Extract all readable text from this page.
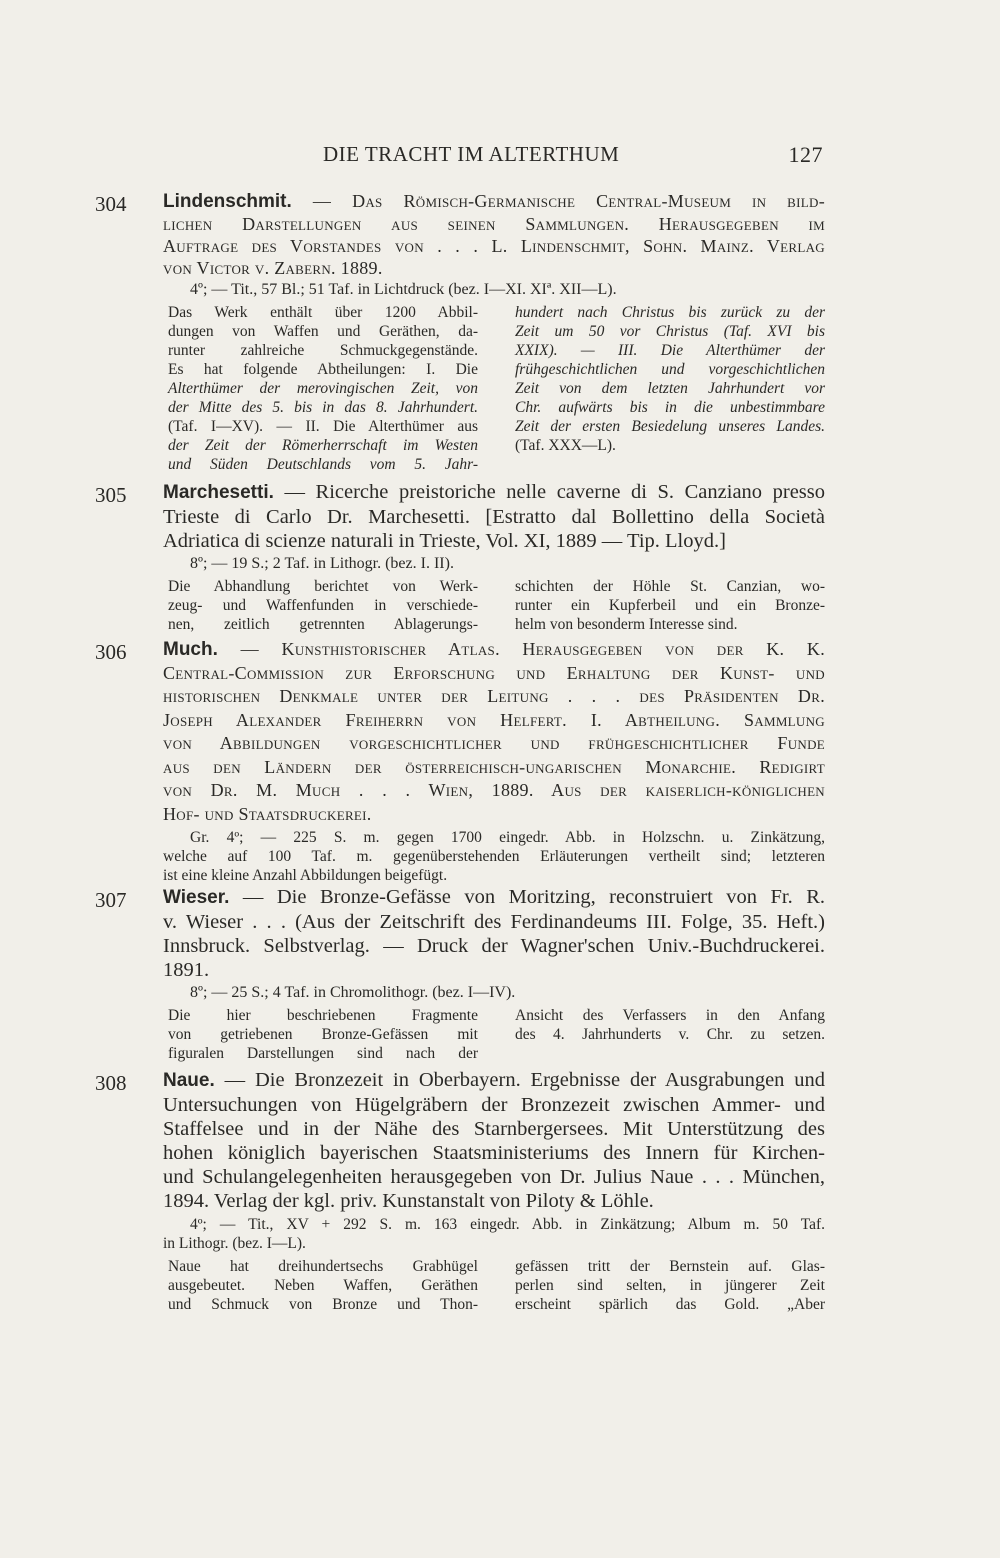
DIE TRACHT IM ALTERTHUM	127
304 Lindenschmit. — Das Römisch-Germanische Central-Museum in bild-
lichen Darstellungen aus seinen Sammlungen. Herausgegeben im
Auftrage des Vorstandes von . . . L. Lindenschmit, Sohn. Mainz. Verlag
von Victor v. Zabern. 1889.
4º; — Tit., 57 Bl.; 51 Taf. in Lichtdruck (bez. I—XI. XIª. XII—L).
Das Werk enthält über 1200 Abbil-
dungen von Waffen und Geräthen, da-
runter zahlreiche Schmuckgegenstände.
Es hat folgende Abtheilungen: I. Die
Alterthümer der merovingischen Zeit, von
der Mitte des 5. bis in das 8. Jahrhundert.
(Taf. I—XV). — II. Die Alterthümer aus
der Zeit der Römerherrschaft im Westen
und Süden Deutschlands vom 5. Jahr-
hundert nach Christus bis zurück zu der
Zeit um 50 vor Christus (Taf. XVI bis
XXIX). — III. Die Alterthümer der
frühgeschichtlichen und vorgeschichtlichen
Zeit von dem letzten Jahrhundert vor
Chr. aufwärts bis in die unbestimmbare
Zeit der ersten Besiedelung unseres Landes.
(Taf. XXX—L).
305 Marchesetti. — Ricerche preistoriche nelle caverne di S. Canziano presso
Trieste di Carlo Dr. Marchesetti. [Estratto dal Bollettino della Società
Adriatica di scienze naturali in Trieste, Vol. XI, 1889 — Tip. Lloyd.]
8º; — 19 S.; 2 Taf. in Lithogr. (bez. I. II).
Die Abhandlung berichtet von Werk-
zeug- und Waffenfunden in verschiede-
nen, zeitlich getrennten Ablagerungs-
schichten der Höhle St. Canzian, wo-
runter ein Kupferbeil und ein Bronze-
helm von besonderm Interesse sind.
306 Much. — Kunsthistorischer Atlas. Herausgegeben von der K. K.
Central-Commission zur Erforschung und Erhaltung der Kunst- und
historischen Denkmale unter der Leitung . . . des Präsidenten Dr.
Joseph Alexander Freiherrn von Helfert. I. Abtheilung. Sammlung
von Abbildungen vorgeschichtlicher und frühgeschichtlicher Funde
aus den Ländern der österreichisch-ungarischen Monarchie. Redigirt
von Dr. M. Much . . . Wien, 1889. Aus der kaiserlich-königlichen
Hof- und Staatsdruckerei.
Gr. 4º; — 225 S. m. gegen 1700 eingedr. Abb. in Holzschn. u. Zinkätzung,
welche auf 100 Taf. m. gegenüberstehenden Erläuterungen vertheilt sind; letzteren
ist eine kleine Anzahl Abbildungen beigefügt.
307 Wieser. — Die Bronze-Gefässe von Moritzing, reconstruiert von Fr. R.
v. Wieser . . . (Aus der Zeitschrift des Ferdinandeums III. Folge, 35. Heft.)
Innsbruck. Selbstverlag. — Druck der Wagner'schen Univ.-Buchdruckerei.
1891.
8º; — 25 S.; 4 Taf. in Chromolithogr. (bez. I—IV).
Die hier beschriebenen Fragmente
von getriebenen Bronze-Gefässen mit
figuralen Darstellungen sind nach der
Ansicht des Verfassers in den Anfang
des 4. Jahrhunderts v. Chr. zu setzen.
308 Naue. — Die Bronzezeit in Oberbayern. Ergebnisse der Ausgrabungen und
Untersuchungen von Hügelgräbern der Bronzezeit zwischen Ammer- und
Staffelsee und in der Nähe des Starnbergersees. Mit Unterstützung des
hohen königlich bayerischen Staatsministeriums des Innern für Kirchen-
und Schulangelegenheiten herausgegeben von Dr. Julius Naue . . . München,
1894. Verlag der kgl. priv. Kunstanstalt von Piloty & Löhle.
4º; — Tit., XV + 292 S. m. 163 eingedr. Abb. in Zinkätzung; Album m. 50 Taf.
in Lithogr. (bez. I—L).
Naue hat dreihundertsechs Grabhügel
ausgebeutet. Neben Waffen, Geräthen
und Schmuck von Bronze und Thon-
gefässen tritt der Bernstein auf. Glas-
perlen sind selten, in jüngerer Zeit
erscheint spärlich das Gold. „Aber
